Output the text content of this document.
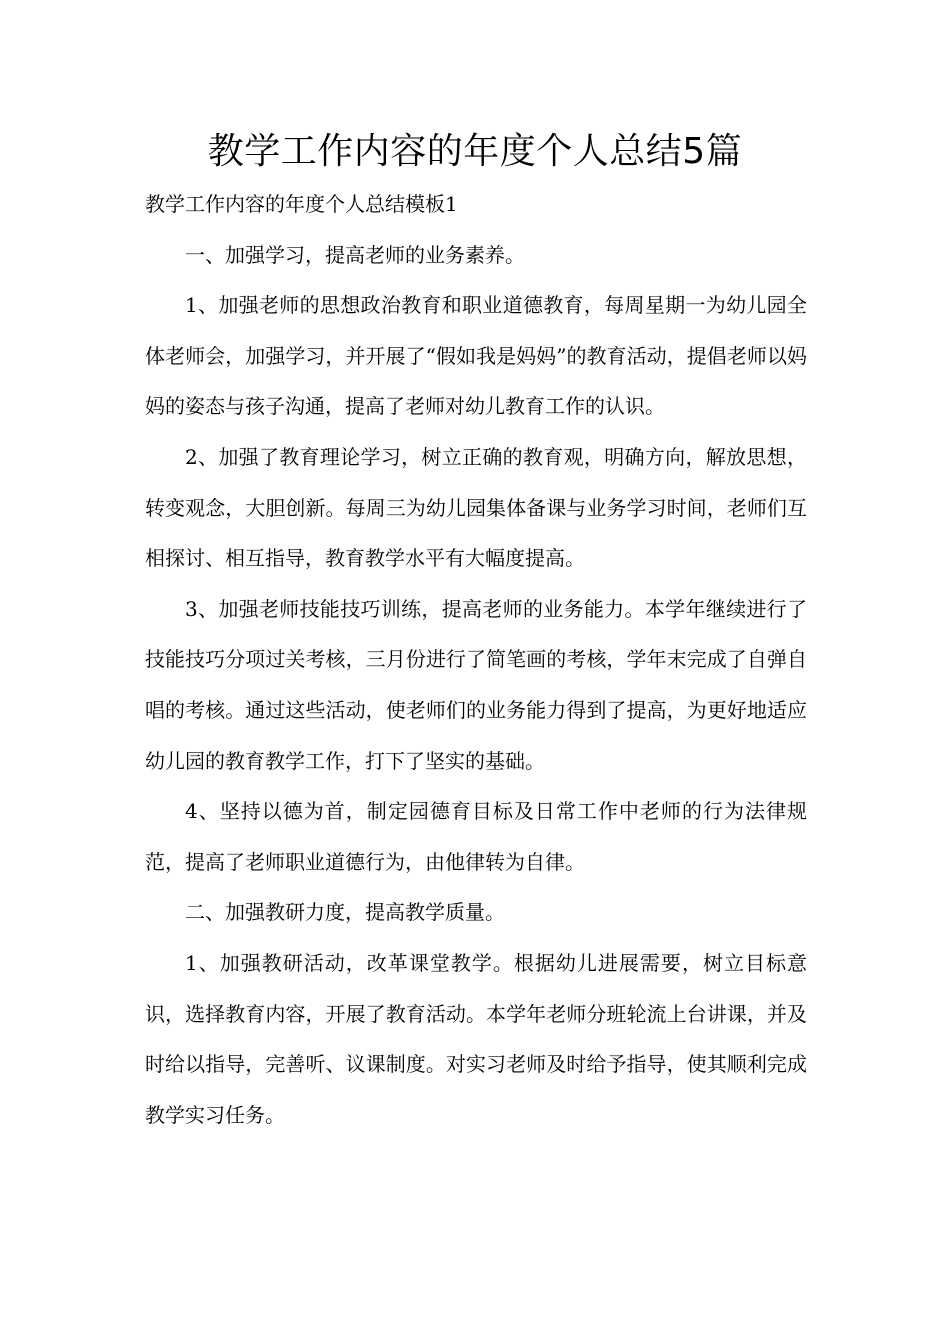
教学工作内容的年度个人总结5篇

教学工作内容的年度个人总结模板1

一、加强学习，提高老师的业务素养。

1、加强老师的思想政治教育和职业道德教育，每周星期一为幼儿园全体老师会，加强学习，并开展了“假如我是妈妈”的教育活动，提倡老师以妈妈的姿态与孩子沟通，提高了老师对幼儿教育工作的认识。

2、加强了教育理论学习，树立正确的教育观，明确方向，解放思想，转变观念，大胆创新。每周三为幼儿园集体备课与业务学习时间，老师们互相探讨、相互指导，教育教学水平有大幅度提高。

3、加强老师技能技巧训练，提高老师的业务能力。本学年继续进行了技能技巧分项过关考核，三月份进行了简笔画的考核，学年末完成了自弹自唱的考核。通过这些活动，使老师们的业务能力得到了提高，为更好地适应幼儿园的教育教学工作，打下了坚实的基础。

4、坚持以德为首，制定园德育目标及日常工作中老师的行为法律规范，提高了老师职业道德行为，由他律转为自律。

二、加强教研力度，提高教学质量。

1、加强教研活动，改革课堂教学。根据幼儿进展需要，树立目标意识，选择教育内容，开展了教育活动。本学年老师分班轮流上台讲课，并及时给以指导，完善听、议课制度。对实习老师及时给予指导，使其顺利完成教学实习任务。
